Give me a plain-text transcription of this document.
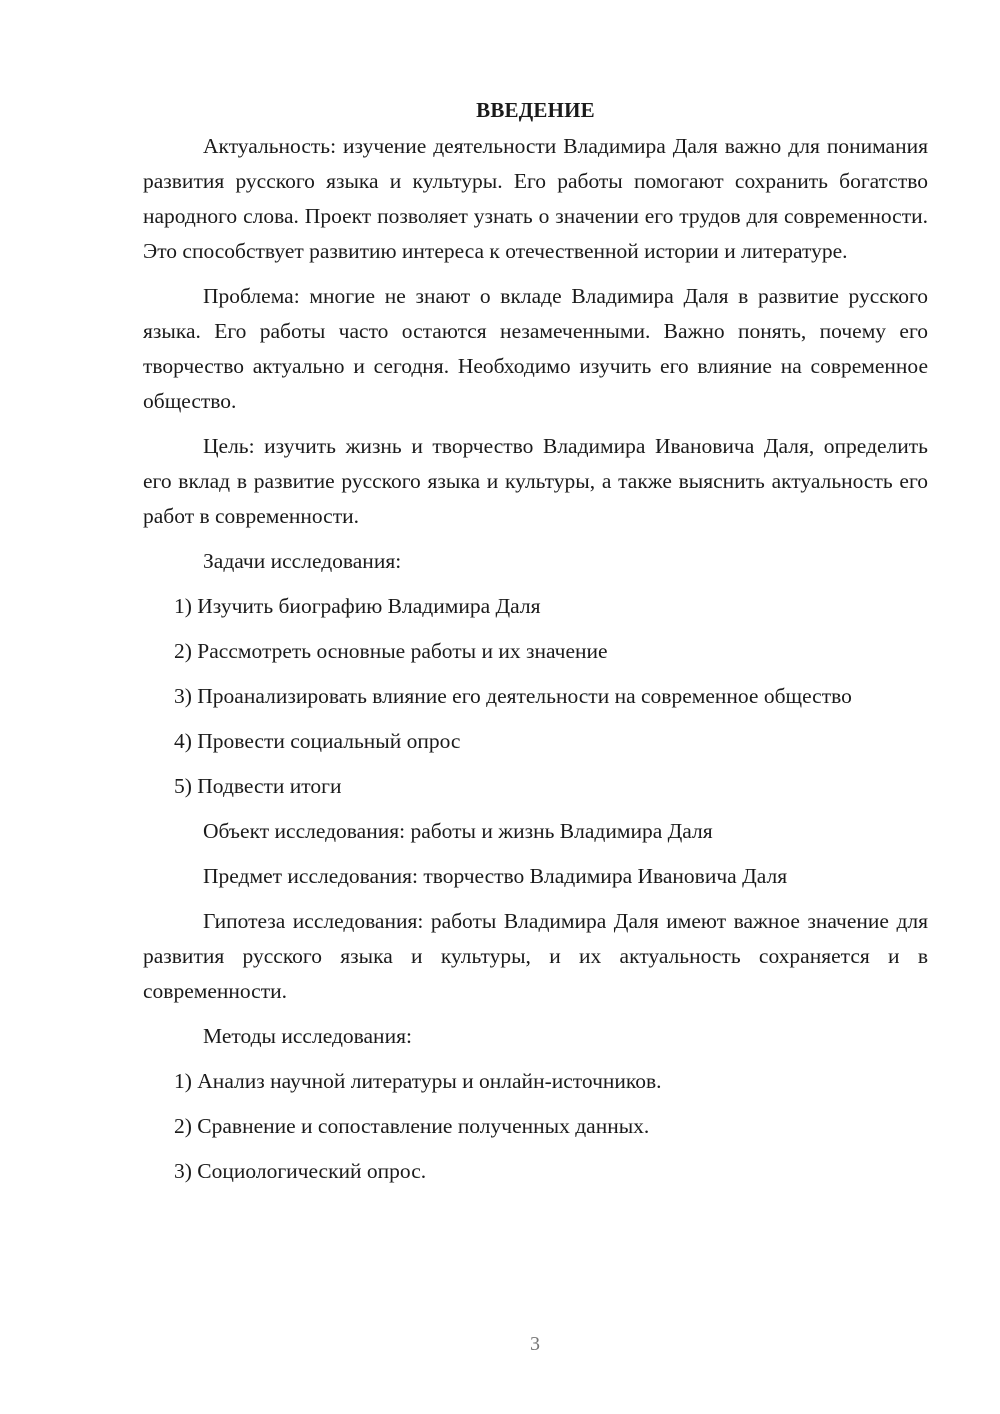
ВВЕДЕНИЕ

Актуальность: изучение деятельности Владимира Даля важно для понимания развития русского языка и культуры. Его работы помогают сохранить богатство народного слова. Проект позволяет узнать о значении его трудов для современности. Это способствует развитию интереса к отечественной истории и литературе.

Проблема: многие не знают о вкладе Владимира Даля в развитие русского языка. Его работы часто остаются незамеченными. Важно понять, почему его творчество актуально и сегодня. Необходимо изучить его влияние на современное общество.

Цель: изучить жизнь и творчество Владимира Ивановича Даля, определить его вклад в развитие русского языка и культуры, а также выяснить актуальность его работ в современности.

Задачи исследования:

1) Изучить биографию Владимира Даля

2) Рассмотреть основные работы и их значение

3) Проанализировать влияние его деятельности на современное общество

4) Провести социальный опрос

5) Подвести итоги

Объект исследования: работы и жизнь Владимира Даля

Предмет исследования: творчество Владимира Ивановича Даля

Гипотеза исследования: работы Владимира Даля имеют важное значение для развития русского языка и культуры, и их актуальность сохраняется и в современности.

Методы исследования:

1) Анализ научной литературы и онлайн-источников.

2) Сравнение и сопоставление полученных данных.

3) Социологический опрос.

3
